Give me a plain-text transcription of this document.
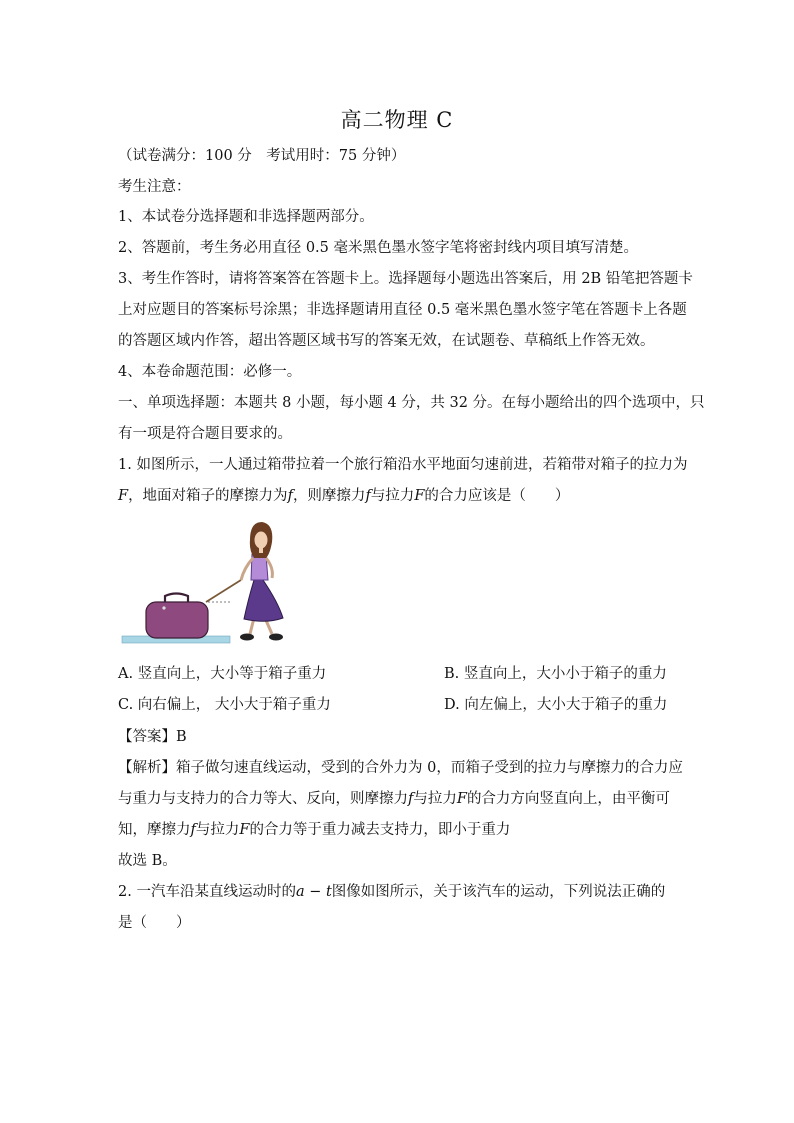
高二物理 C
（试卷满分：100 分　考试用时：75 分钟）
考生注意：
1、本试卷分选择题和非选择题两部分。
2、答题前，考生务必用直径 0.5 毫米黑色墨水签字笔将密封线内项目填写清楚。
3、考生作答时，请将答案答在答题卡上。选择题每小题选出答案后，用 2B 铅笔把答题卡
上对应题目的答案标号涂黑；非选择题请用直径 0.5 毫米黑色墨水签字笔在答题卡上各题
的答题区域内作答，超出答题区域书写的答案无效，在试题卷、草稿纸上作答无效。
4、本卷命题范围：必修一。
一、单项选择题：本题共 8 小题，每小题 4 分，共 32 分。在每小题给出的四个选项中，只
有一项是符合题目要求的。
1. 如图所示，一人通过箱带拉着一个旅行箱沿水平地面匀速前进，若箱带对箱子的拉力为
F，地面对箱子的摩擦力为f，则摩擦力f与拉力F的合力应该是（　　）
A. 竖直向上，大小等于箱子重力	B. 竖直向上，大小小于箱子的重力
C. 向右偏上， 大小大于箱子重力	D. 向左偏上，大小大于箱子的重力
【答案】B
【解析】箱子做匀速直线运动，受到的合外力为 0，而箱子受到的拉力与摩擦力的合力应
与重力与支持力的合力等大、反向，则摩擦力f与拉力F的合力方向竖直向上，由平衡可
知，摩擦力f与拉力F的合力等于重力减去支持力，即小于重力
故选 B。
2. 一汽车沿某直线运动时的a − t图像如图所示，关于该汽车的运动，下列说法正确的
是（　　）
